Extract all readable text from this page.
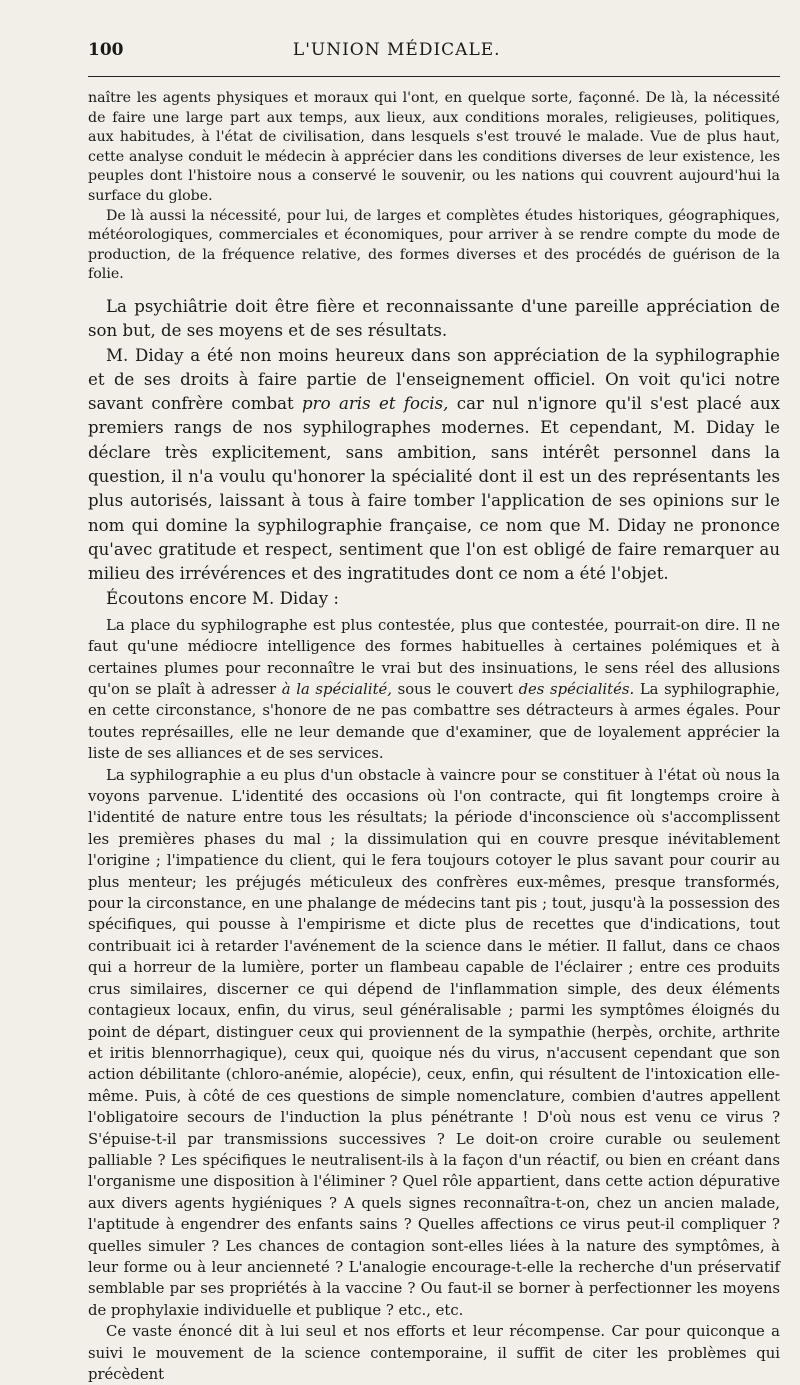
100	L'UNION MÉDICALE.

naître les agents physiques et moraux qui l'ont, en quelque sorte, façonné. De là, la nécessité de faire une large part aux temps, aux lieux, aux conditions morales, religieuses, politiques, aux habitudes, à l'état de civilisation, dans lesquels s'est trouvé le malade. Vue de plus haut, cette analyse conduit le médecin à apprécier dans les conditions diverses de leur existence, les peuples dont l'histoire nous a conservé le souvenir, ou les nations qui couvrent aujourd'hui la surface du globe.

De là aussi la nécessité, pour lui, de larges et complètes études historiques, géographiques, météorologiques, commerciales et économiques, pour arriver à se rendre compte du mode de production, de la fréquence relative, des formes diverses et des procédés de guérison de la folie.

La psychiâtrie doit être fière et reconnaissante d'une pareille appréciation de son but, de ses moyens et de ses résultats.

M. Diday a été non moins heureux dans son appréciation de la syphilographie et de ses droits à faire partie de l'enseignement officiel. On voit qu'ici notre savant confrère combat pro aris et focis, car nul n'ignore qu'il s'est placé aux premiers rangs de nos syphilographes modernes. Et cependant, M. Diday le déclare très explicitement, sans ambition, sans intérêt personnel dans la question, il n'a voulu qu'honorer la spécialité dont il est un des représentants les plus autorisés, laissant à tous à faire tomber l'application de ses opinions sur le nom qui domine la syphilographie française, ce nom que M. Diday ne prononce qu'avec gratitude et respect, sentiment que l'on est obligé de faire remarquer au milieu des irrévérences et des ingratitudes dont ce nom a été l'objet.

Écoutons encore M. Diday :

La place du syphilographe est plus contestée, plus que contestée, pourrait-on dire. Il ne faut qu'une médiocre intelligence des formes habituelles à certaines polémiques et à certaines plumes pour reconnaître le vrai but des insinuations, le sens réel des allusions qu'on se plaît à adresser à la spécialité, sous le couvert des spécialités. La syphilographie, en cette circonstance, s'honore de ne pas combattre ses détracteurs à armes égales. Pour toutes représailles, elle ne leur demande que d'examiner, que de loyalement apprécier la liste de ses alliances et de ses services.

La syphilographie a eu plus d'un obstacle à vaincre pour se constituer à l'état où nous la voyons parvenue. L'identité des occasions où l'on contracte, qui fit longtemps croire à l'identité de nature entre tous les résultats; la période d'inconscience où s'accomplissent les premières phases du mal ; la dissimulation qui en couvre presque inévitablement l'origine ; l'impatience du client, qui le fera toujours cotoyer le plus savant pour courir au plus menteur; les préjugés méticuleux des confrères eux-mêmes, presque transformés, pour la circonstance, en une phalange de médecins tant pis ; tout, jusqu'à la possession des spécifiques, qui pousse à l'empirisme et dicte plus de recettes que d'indications, tout contribuait ici à retarder l'avénement de la science dans le métier. Il fallut, dans ce chaos qui a horreur de la lumière, porter un flambeau capable de l'éclairer ; entre ces produits crus similaires, discerner ce qui dépend de l'inflammation simple, des deux éléments contagieux locaux, enfin, du virus, seul généralisable ; parmi les symptômes éloignés du point de départ, distinguer ceux qui proviennent de la sympathie (herpès, orchite, arthrite et iritis blennorrhagique), ceux qui, quoique nés du virus, n'accusent cependant que son action débilitante (chloro-anémie, alopécie), ceux, enfin, qui résultent de l'intoxication elle-même. Puis, à côté de ces questions de simple nomenclature, combien d'autres appellent l'obligatoire secours de l'induction la plus pénétrante ! D'où nous est venu ce virus ? S'épuise-t-il par transmissions successives ? Le doit-on croire curable ou seulement palliable ? Les spécifiques le neutralisent-ils à la façon d'un réactif, ou bien en créant dans l'organisme une disposition à l'éliminer ? Quel rôle appartient, dans cette action dépurative aux divers agents hygiéniques ? A quels signes reconnaîtra-t-on, chez un ancien malade, l'aptitude à engendrer des enfants sains ? Quelles affections ce virus peut-il compliquer ? quelles simuler ? Les chances de contagion sont-elles liées à la nature des symptômes, à leur forme ou à leur ancienneté ? L'analogie encourage-t-elle la recherche d'un préservatif semblable par ses propriétés à la vaccine ? Ou faut-il se borner à perfectionner les moyens de prophylaxie individuelle et publique ? etc., etc.

Ce vaste énoncé dit à lui seul et nos efforts et leur récompense. Car pour quiconque a suivi le mouvement de la science contemporaine, il suffit de citer les problèmes qui précèdent
